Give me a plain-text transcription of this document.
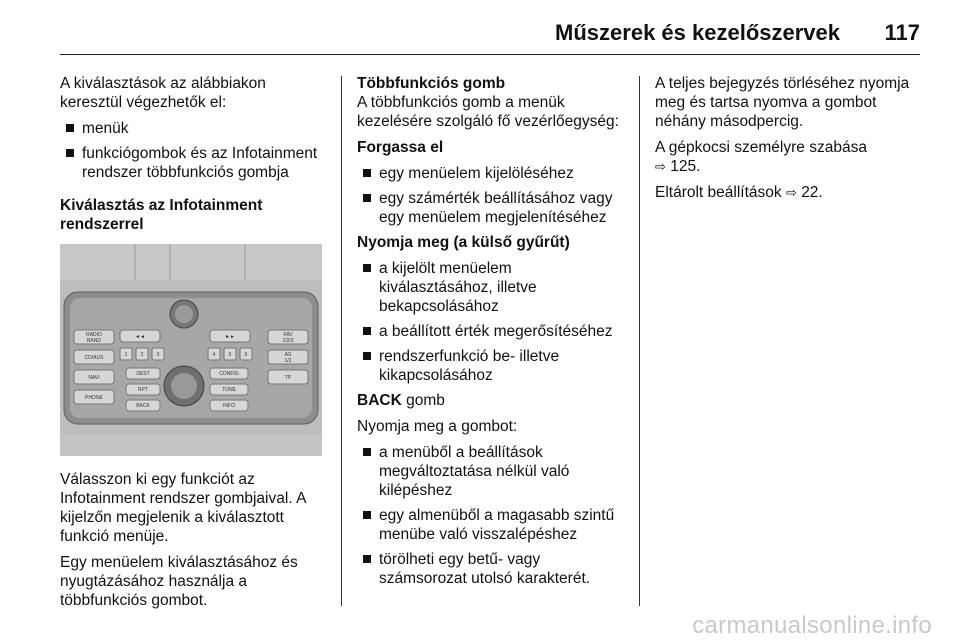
Műszerek és kezelőszervek 117

A kiválasztások az alábbiakon keresztül végezhetők el:

menük
funkciógombok és az Infotainment rendszer többfunkciós gombja

Kiválasztás az Infotainment rendszerrel

RADIO
BAND
CD/AUX
NAVI
PHONE
FAV
1/2/3
AS
1/2
TP
◄◄	►►
1	2	3	4	5	6
DEST	CONFIG
RPT	TONE
BACK	INFO

Válasszon ki egy funkciót az Infotainment rendszer gombjaival. A kijelzőn megjelenik a kiválasztott funkció menüje.

Egy menüelem kiválasztásához és nyugtázásához használja a többfunkciós gombot.

Többfunkciós gomb

A többfunkciós gomb a menük kezelésére szolgáló fő vezérlőegység:

Forgassa el

egy menüelem kijelöléséhez
egy számérték beállításához vagy egy menüelem megjelenítéséhez

Nyomja meg (a külső gyűrűt)

a kijelölt menüelem kiválasztásához, illetve bekapcsolásához
a beállított érték megerősítéséhez
rendszerfunkció be- illetve kikapcsolásához

BACK gomb

Nyomja meg a gombot:

a menüből a beállítások megváltoztatása nélkül való kilépéshez
egy almenüből a magasabb szintű menübe való visszalépéshez
törölheti egy betű- vagy számsorozat utolsó karakterét.

A teljes bejegyzés törléséhez nyomja meg és tartsa nyomva a gombot néhány másodpercig.

A gépkocsi személyre szabása
⇨ 125.

Eltárolt beállítások ⇨ 22.

carmanualsonline.info
